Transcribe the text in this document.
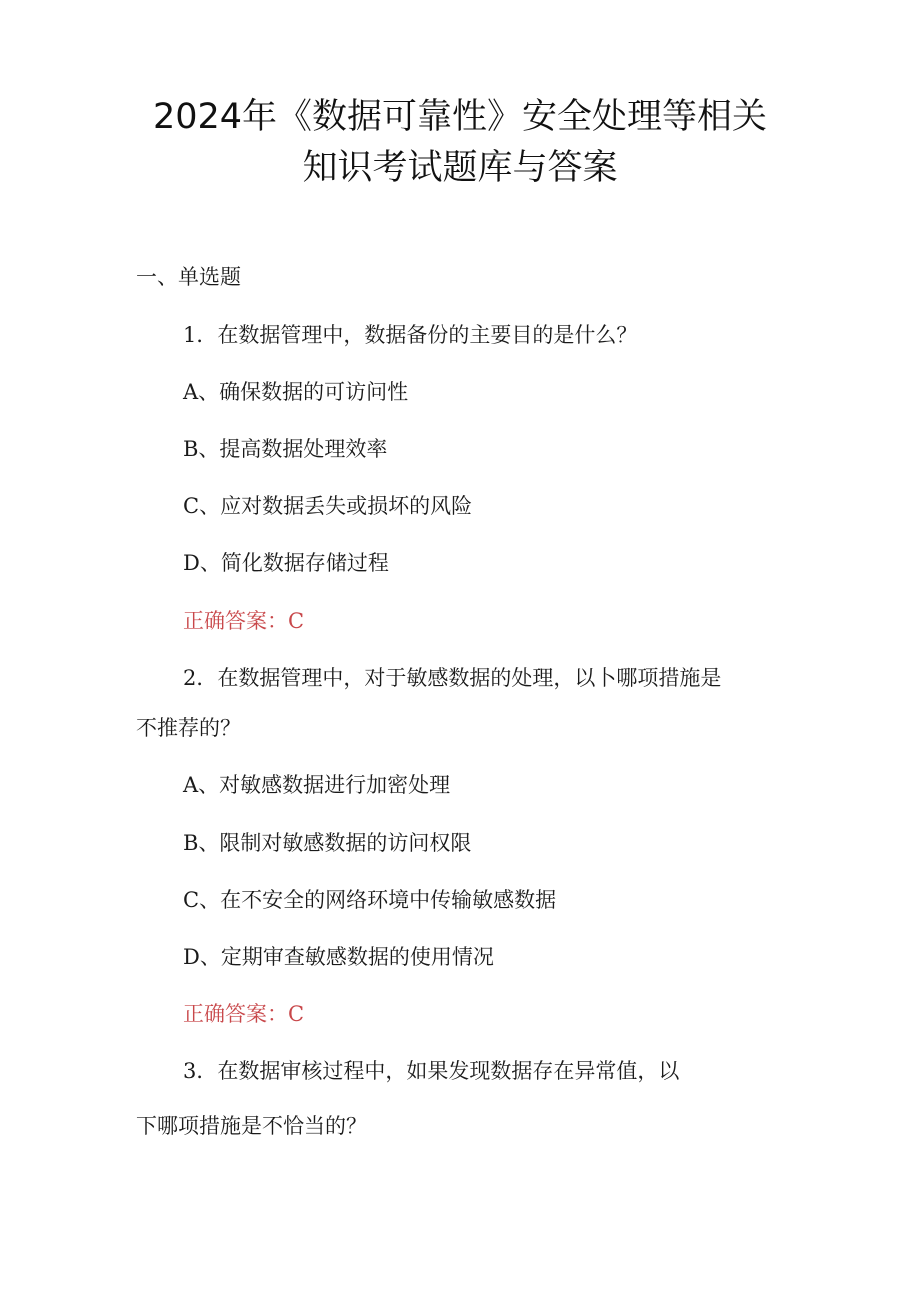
2024年《数据可靠性》安全处理等相关
知识考试题库与答案
一、单选题
1．在数据管理中，数据备份的主要目的是什么？
A、确保数据的可访问性
B、提高数据处理效率
C、应对数据丢失或损坏的风险
D、简化数据存储过程
正确答案：C
2．在数据管理中，对于敏感数据的处理，以卜哪项措施是
不推荐的？
A、对敏感数据进行加密处理
B、限制对敏感数据的访问权限
C、在不安全的网络环境中传输敏感数据
D、定期审查敏感数据的使用情况
正确答案：C
3．在数据审核过程中，如果发现数据存在异常值，以
下哪项措施是不恰当的？
